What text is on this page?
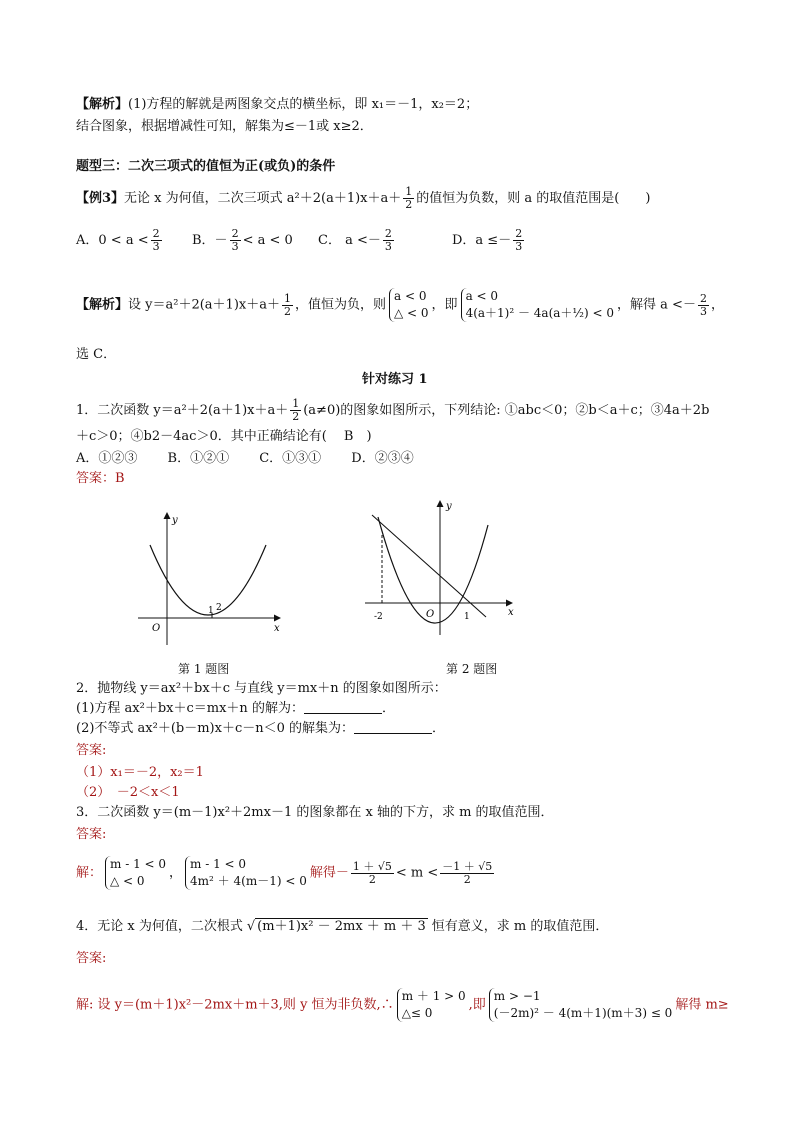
【解析】(1)方程的解就是两图象交点的横坐标，即 x₁＝－1，x₂＝2；
结合图象，根据增减性可知，解集为≤－1或 x≥2．
题型三：二次三项式的值恒为正(或负)的条件
【例3】无论 x 为何值，二次三项式 $a^2+2(a+1)x+a+ \frac{1}{2}$ 的值恒为负数，则 a 的取值范围是(　　)
A．$0 < a < \frac{2}{3}$ B．－ $\frac{2}{3} < a < 0$ C． $a <- \frac{2}{3}$	D．$a \le- \frac{2}{3}$
【解析】设 $y=a^2+2(a+1)x+a+ \frac{1}{2}$ ，值恒为负，则
a < 0
△ < 0
，即
a < 0
4(a＋1)² － 4a(a＋½) < 0
，解得 $a <- \frac{2}{3}$ ，
选 C．
针对练习 1
1．二次函数 $y=a^2+2(a+1)x+a+ \frac{1}{2} (a\ne 0)$的图象如图所示，下列结论: ①abc＜0；②b＜a＋c；③4a＋2b
＋c＞0；④b2－4ac＞0．其中正确结论有(　 B　)
A．①②③　　 B．①②①　　 C．①③①　　 D．②③④
答案：B
y
x
O
1 2
第 1 题图
y
x
O
-2	1
第 2 题图
2．抛物线 y＝ax²＋bx＋c 与直线 y＝mx＋n 的图象如图所示：
(1)方程 ax²＋bx＋c＝mx＋n 的解为：	．
(2)不等式 ax²＋(b－m)x＋c－n＜0 的解集为：	．
答案:
（1）x₁＝－2，x₂＝1
（2）　－2＜x＜1
3．二次函数 y＝(m－1)x²＋2mx－1 的图象都在 x 轴的下方，求 m 的取值范围．
答案:
解：
m - 1 < 0
△ < 0
，
m - 1 < 0
4m² ＋ 4(m－1) < 0
解得－ $\frac{1 + √5}{2} < m < \frac{-1 + √5}{2}$
4．无论 x 为何值，二次根式 √ (m＋1)x² － 2mx ＋ m ＋ 3 恒有意义，求 m 的取值范围．
答案:
解: 设 y＝(m＋1)x²－2mx＋m＋3,则 y 恒为非负数,∴
m ＋ 1 > 0
△≤ 0
,即
m > −1
(－2m)² － 4(m＋1)(m＋3) ≤ 0
解得 m≥
